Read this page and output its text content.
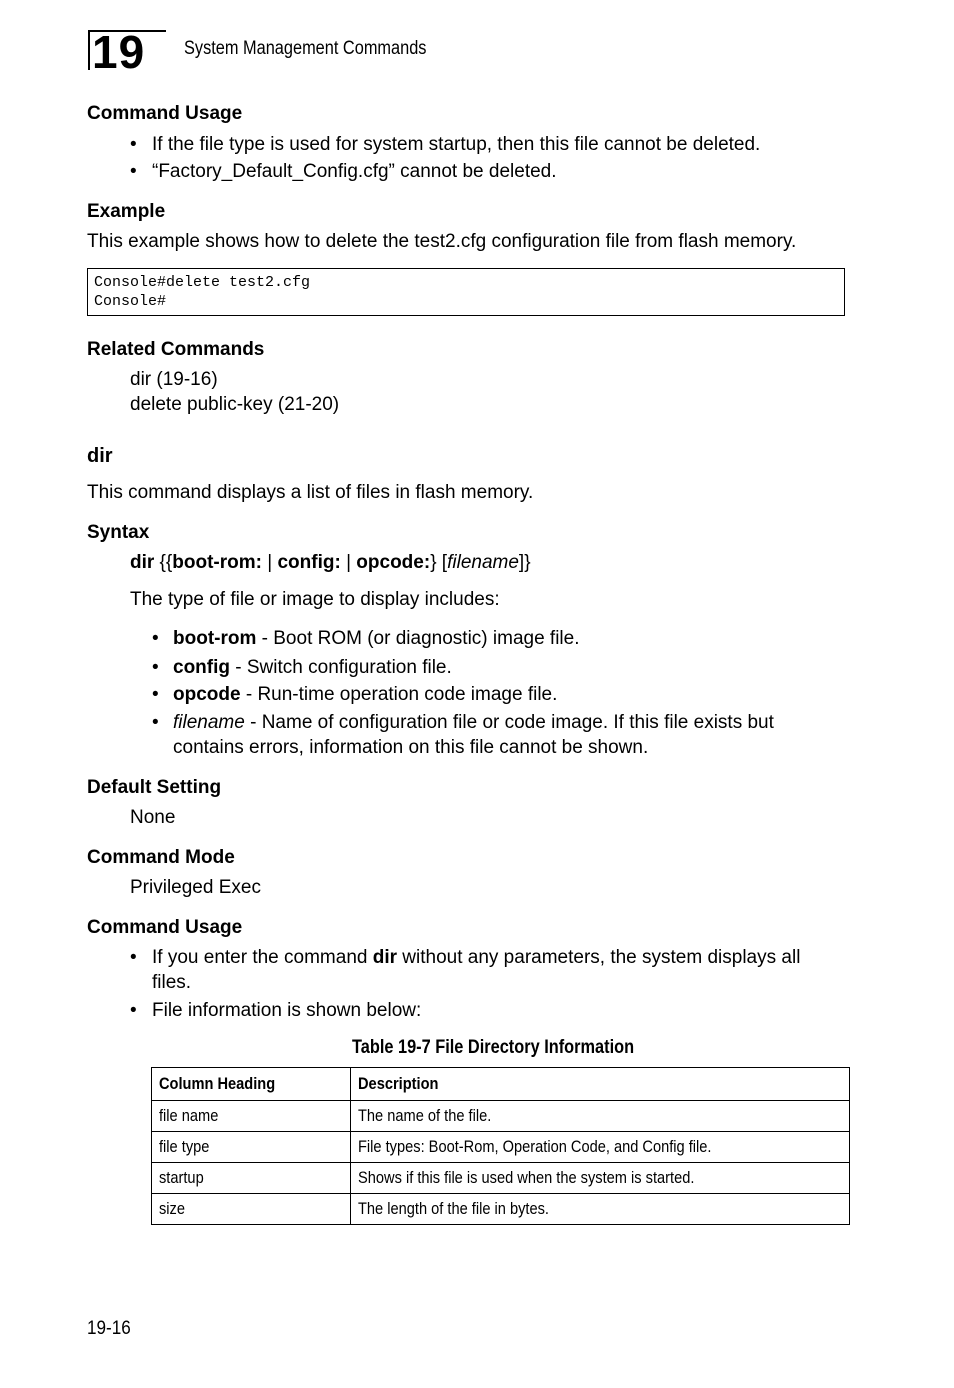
19	System Management Commands
Command Usage
• If the file type is used for system startup, then this file cannot be deleted.
• “Factory_Default_Config.cfg” cannot be deleted.
Example
This example shows how to delete the test2.cfg configuration file from flash memory.
Console#delete test2.cfg
Console#
Related Commands
dir (19-16)
delete public-key (21-20)
dir
This command displays a list of files in flash memory.
Syntax
dir {{boot-rom: | config: | opcode:} [filename]}
The type of file or image to display includes:
• boot-rom - Boot ROM (or diagnostic) image file.
• config - Switch configuration file.
• opcode - Run-time operation code image file.
• filename - Name of configuration file or code image. If this file exists but
contains errors, information on this file cannot be shown.
Default Setting
None
Command Mode
Privileged Exec
Command Usage
• If you enter the command dir without any parameters, the system displays all
files.
• File information is shown below:
Table 19-7 File Directory Information
Column Heading	Description
file name	The name of the file.
file type	File types: Boot-Rom, Operation Code, and Config file.
startup	Shows if this file is used when the system is started.
size	The length of the file in bytes.
19-16
